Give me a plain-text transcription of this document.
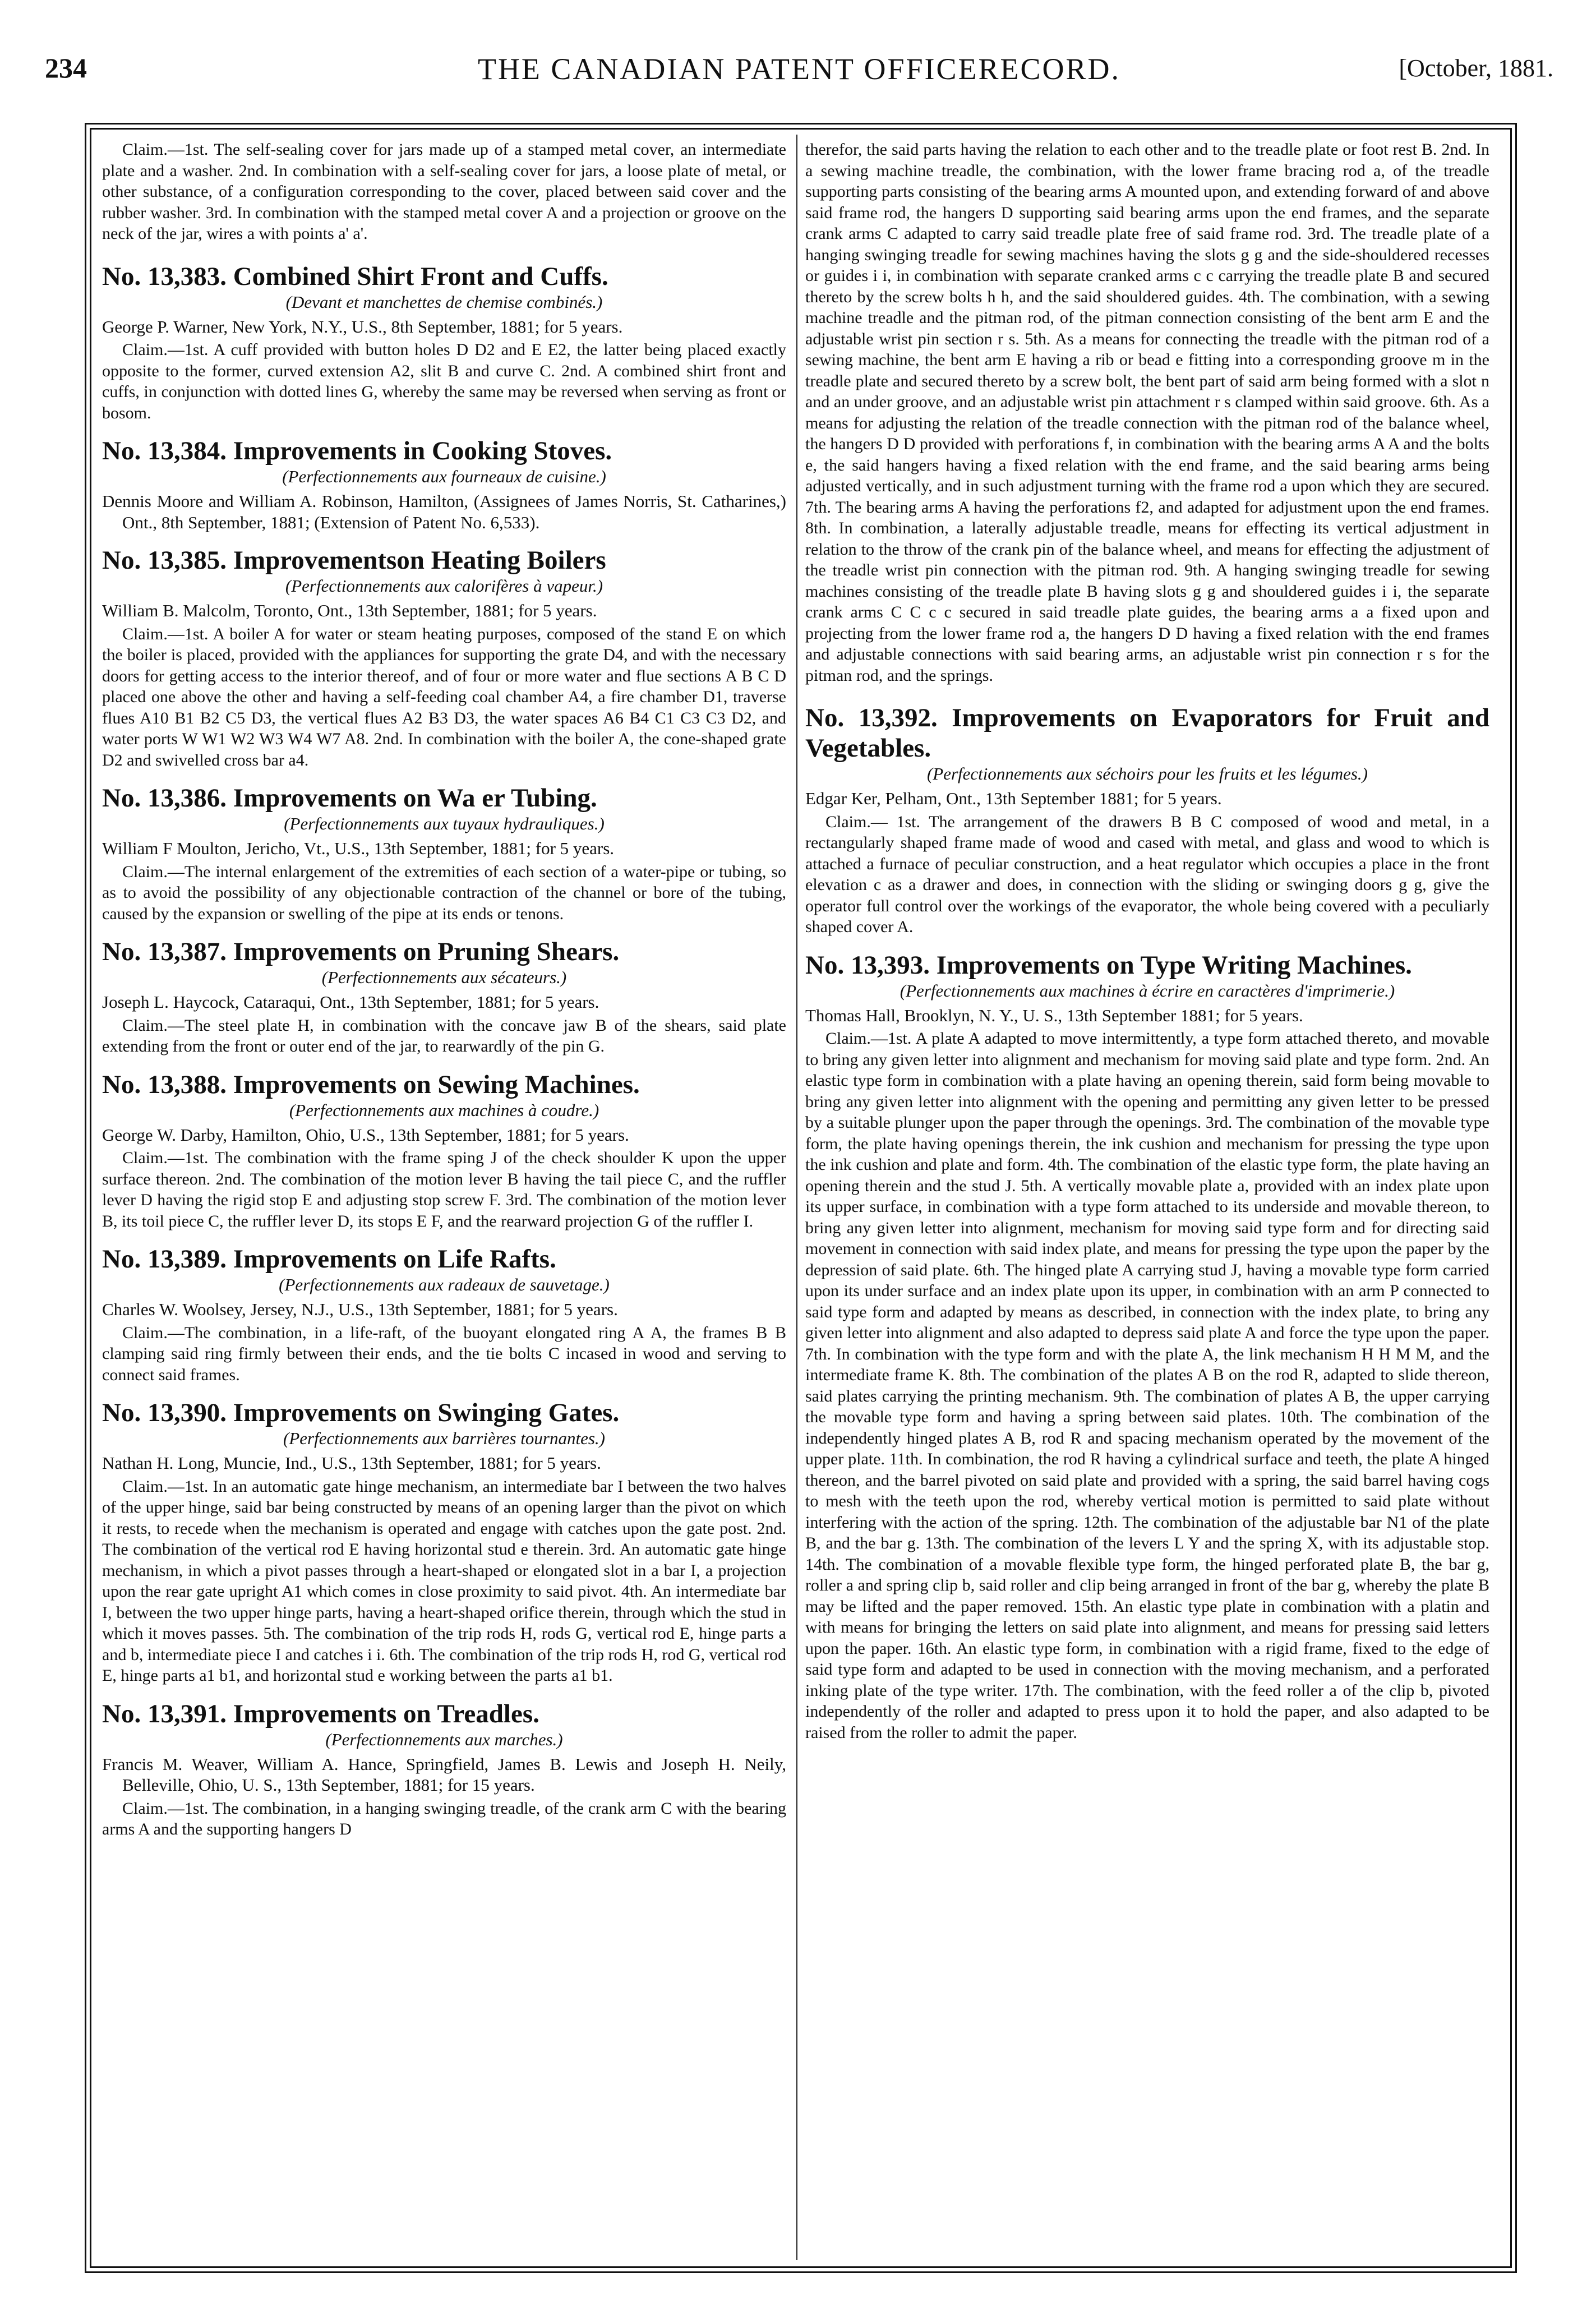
234	THE CANADIAN PATENT OFFICERECORD.	[October, 1881.

Claim.—1st. The self-sealing cover for jars made up of a stamped metal cover, an intermediate plate and a washer. 2nd. In combination with a self-sealing cover for jars, a loose plate of metal, or other substance, of a configuration corresponding to the cover, placed between said cover and the rubber washer. 3rd. In combination with the stamped metal cover A and a projection or groove on the neck of the jar, wires a with points a' a'.

No. 13,383. Combined Shirt Front and Cuffs.
(Devant et manchettes de chemise combinés.)
George P. Warner, New York, N.Y., U.S., 8th September, 1881; for 5 years.
Claim.—1st. A cuff provided with button holes D D2 and E E2, the latter being placed exactly opposite to the former, curved extension A2, slit B and curve C. 2nd. A combined shirt front and cuffs, in conjunction with dotted lines G, whereby the same may be reversed when serving as front or bosom.
No. 13,384. Improvements in Cooking Stoves.
(Perfectionnements aux fourneaux de cuisine.)
Dennis Moore and William A. Robinson, Hamilton, (Assignees of James Norris, St. Catharines,) Ont., 8th September, 1881; (Extension of Patent No. 6,533).
No. 13,385. Improvementson Heating Boilers
(Perfectionnements aux calorifères à vapeur.)
William B. Malcolm, Toronto, Ont., 13th September, 1881; for 5 years.
Claim.—1st. A boiler A for water or steam heating purposes, composed of the stand E on which the boiler is placed, provided with the appliances for supporting the grate D4, and with the necessary doors for getting access to the interior thereof, and of four or more water and flue sections A B C D placed one above the other and having a self-feeding coal chamber A4, a fire chamber D1, traverse flues A10 B1 B2 C5 D3, the vertical flues A2 B3 D3, the water spaces A6 B4 C1 C3 C3 D2, and water ports W W1 W2 W3 W4 W7 A8. 2nd. In combination with the boiler A, the cone-shaped grate D2 and swivelled cross bar a4.
No. 13,386. Improvements on Wa er Tubing.
(Perfectionnements aux tuyaux hydrauliques.)
William F Moulton, Jericho, Vt., U.S., 13th September, 1881; for 5 years.
Claim.—The internal enlargement of the extremities of each section of a water-pipe or tubing, so as to avoid the possibility of any objectionable contraction of the channel or bore of the tubing, caused by the expansion or swelling of the pipe at its ends or tenons.
No. 13,387. Improvements on Pruning Shears.
(Perfectionnements aux sécateurs.)
Joseph L. Haycock, Cataraqui, Ont., 13th September, 1881; for 5 years.
Claim.—The steel plate H, in combination with the concave jaw B of the shears, said plate extending from the front or outer end of the jar, to rearwardly of the pin G.
No. 13,388. Improvements on Sewing Machines.
(Perfectionnements aux machines à coudre.)
George W. Darby, Hamilton, Ohio, U.S., 13th September, 1881; for 5 years.
Claim.—1st. The combination with the frame sping J of the check shoulder K upon the upper surface thereon. 2nd. The combination of the motion lever B having the tail piece C, and the ruffler lever D having the rigid stop E and adjusting stop screw F. 3rd. The combination of the motion lever B, its toil piece C, the ruffler lever D, its stops E F, and the rearward projection G of the ruffler I.
No. 13,389. Improvements on Life Rafts.
(Perfectionnements aux radeaux de sauvetage.)
Charles W. Woolsey, Jersey, N.J., U.S., 13th September, 1881; for 5 years.
Claim.—The combination, in a life-raft, of the buoyant elongated ring A A, the frames B B clamping said ring firmly between their ends, and the tie bolts C incased in wood and serving to connect said frames.
No. 13,390. Improvements on Swinging Gates.
(Perfectionnements aux barrières tournantes.)
Nathan H. Long, Muncie, Ind., U.S., 13th September, 1881; for 5 years.
Claim.—1st. In an automatic gate hinge mechanism, an intermediate bar I between the two halves of the upper hinge, said bar being constructed by means of an opening larger than the pivot on which it rests, to recede when the mechanism is operated and engage with catches upon the gate post. 2nd. The combination of the vertical rod E having horizontal stud e therein. 3rd. An automatic gate hinge mechanism, in which a pivot passes through a heart-shaped or elongated slot in a bar I, a projection upon the rear gate upright A1 which comes in close proximity to said pivot. 4th. An intermediate bar I, between the two upper hinge parts, having a heart-shaped orifice therein, through which the stud in which it moves passes. 5th. The combination of the trip rods H, rods G, vertical rod E, hinge parts a and b, intermediate piece I and catches i i. 6th. The combination of the trip rods H, rod G, vertical rod E, hinge parts a1 b1, and horizontal stud e working between the parts a1 b1.
No. 13,391. Improvements on Treadles.
(Perfectionnements aux marches.)
Francis M. Weaver, William A. Hance, Springfield, James B. Lewis and Joseph H. Neily, Belleville, Ohio, U. S., 13th September, 1881; for 15 years.
Claim.—1st. The combination, in a hanging swinging treadle, of the crank arm C with the bearing arms A and the supporting hangers D

therefor, the said parts having the relation to each other and to the treadle plate or foot rest B. 2nd. In a sewing machine treadle, the combination, with the lower frame bracing rod a, of the treadle supporting parts consisting of the bearing arms A mounted upon, and extending forward of and above said frame rod, the hangers D supporting said bearing arms upon the end frames, and the separate crank arms C adapted to carry said treadle plate free of said frame rod. 3rd. The treadle plate of a hanging swinging treadle for sewing machines having the slots g g and the side-shouldered recesses or guides i i, in combination with separate cranked arms c c carrying the treadle plate B and secured thereto by the screw bolts h h, and the said shouldered guides. 4th. The combination, with a sewing machine treadle and the pitman rod, of the pitman connection consisting of the bent arm E and the adjustable wrist pin section r s. 5th. As a means for connecting the treadle with the pitman rod of a sewing machine, the bent arm E having a rib or bead e fitting into a corresponding groove m in the treadle plate and secured thereto by a screw bolt, the bent part of said arm being formed with a slot n and an under groove, and an adjustable wrist pin attachment r s clamped within said groove. 6th. As a means for adjusting the relation of the treadle connection with the pitman rod of the balance wheel, the hangers D D provided with perforations f, in combination with the bearing arms A A and the bolts e, the said hangers having a fixed relation with the end frame, and the said bearing arms being adjusted vertically, and in such adjustment turning with the frame rod a upon which they are secured. 7th. The bearing arms A having the perforations f2, and adapted for adjustment upon the end frames. 8th. In combination, a laterally adjustable treadle, means for effecting its vertical adjustment in relation to the throw of the crank pin of the balance wheel, and means for effecting the adjustment of the treadle wrist pin connection with the pitman rod. 9th. A hanging swinging treadle for sewing machines consisting of the treadle plate B having slots g g and shouldered guides i i, the separate crank arms C C c c secured in said treadle plate guides, the bearing arms a a fixed upon and projecting from the lower frame rod a, the hangers D D having a fixed relation with the end frames and adjustable connections with said bearing arms, an adjustable wrist pin connection r s for the pitman rod, and the springs.

No. 13,392. Improvements on Evaporators for Fruit and Vegetables.
(Perfectionnements aux séchoirs pour les fruits et les légumes.)
Edgar Ker, Pelham, Ont., 13th September 1881; for 5 years.
Claim.— 1st. The arrangement of the drawers B B C composed of wood and metal, in a rectangularly shaped frame made of wood and cased with metal, and glass and wood to which is attached a furnace of peculiar construction, and a heat regulator which occupies a place in the front elevation c as a drawer and does, in connection with the sliding or swinging doors g g, give the operator full control over the workings of the evaporator, the whole being covered with a peculiarly shaped cover A.
No. 13,393. Improvements on Type Writing Machines.
(Perfectionnements aux machines à écrire en caractères d'imprimerie.)
Thomas Hall, Brooklyn, N. Y., U. S., 13th September 1881; for 5 years.
Claim.—1st. A plate A adapted to move intermittently, a type form attached thereto, and movable to bring any given letter into alignment and mechanism for moving said plate and type form. 2nd. An elastic type form in combination with a plate having an opening therein, said form being movable to bring any given letter into alignment with the opening and permitting any given letter to be pressed by a suitable plunger upon the paper through the openings. 3rd. The combination of the movable type form, the plate having openings therein, the ink cushion and mechanism for pressing the type upon the ink cushion and plate and form. 4th. The combination of the elastic type form, the plate having an opening therein and the stud J. 5th. A vertically movable plate a, provided with an index plate upon its upper surface, in combination with a type form attached to its underside and movable thereon, to bring any given letter into alignment, mechanism for moving said type form and for directing said movement in connection with said index plate, and means for pressing the type upon the paper by the depression of said plate. 6th. The hinged plate A carrying stud J, having a movable type form carried upon its under surface and an index plate upon its upper, in combination with an arm P connected to said type form and adapted by means as described, in connection with the index plate, to bring any given letter into alignment and also adapted to depress said plate A and force the type upon the paper. 7th. In combination with the type form and with the plate A, the link mechanism H H M M, and the intermediate frame K. 8th. The combination of the plates A B on the rod R, adapted to slide thereon, said plates carrying the printing mechanism. 9th. The combination of plates A B, the upper carrying the movable type form and having a spring between said plates. 10th. The combination of the independently hinged plates A B, rod R and spacing mechanism operated by the movement of the upper plate. 11th. In combination, the rod R having a cylindrical surface and teeth, the plate A hinged thereon, and the barrel pivoted on said plate and provided with a spring, the said barrel having cogs to mesh with the teeth upon the rod, whereby vertical motion is permitted to said plate without interfering with the action of the spring. 12th. The combination of the adjustable bar N1 of the plate B, and the bar g. 13th. The combination of the levers L Y and the spring X, with its adjustable stop. 14th. The combination of a movable flexible type form, the hinged perforated plate B, the bar g, roller a and spring clip b, said roller and clip being arranged in front of the bar g, whereby the plate B may be lifted and the paper removed. 15th. An elastic type plate in combination with a platin and with means for bringing the letters on said plate into alignment, and means for pressing said letters upon the paper. 16th. An elastic type form, in combination with a rigid frame, fixed to the edge of said type form and adapted to be used in connection with the moving mechanism, and a perforated inking plate of the type writer. 17th. The combination, with the feed roller a of the clip b, pivoted independently of the roller and adapted to press upon it to hold the paper, and also adapted to be raised from the roller to admit the paper.
